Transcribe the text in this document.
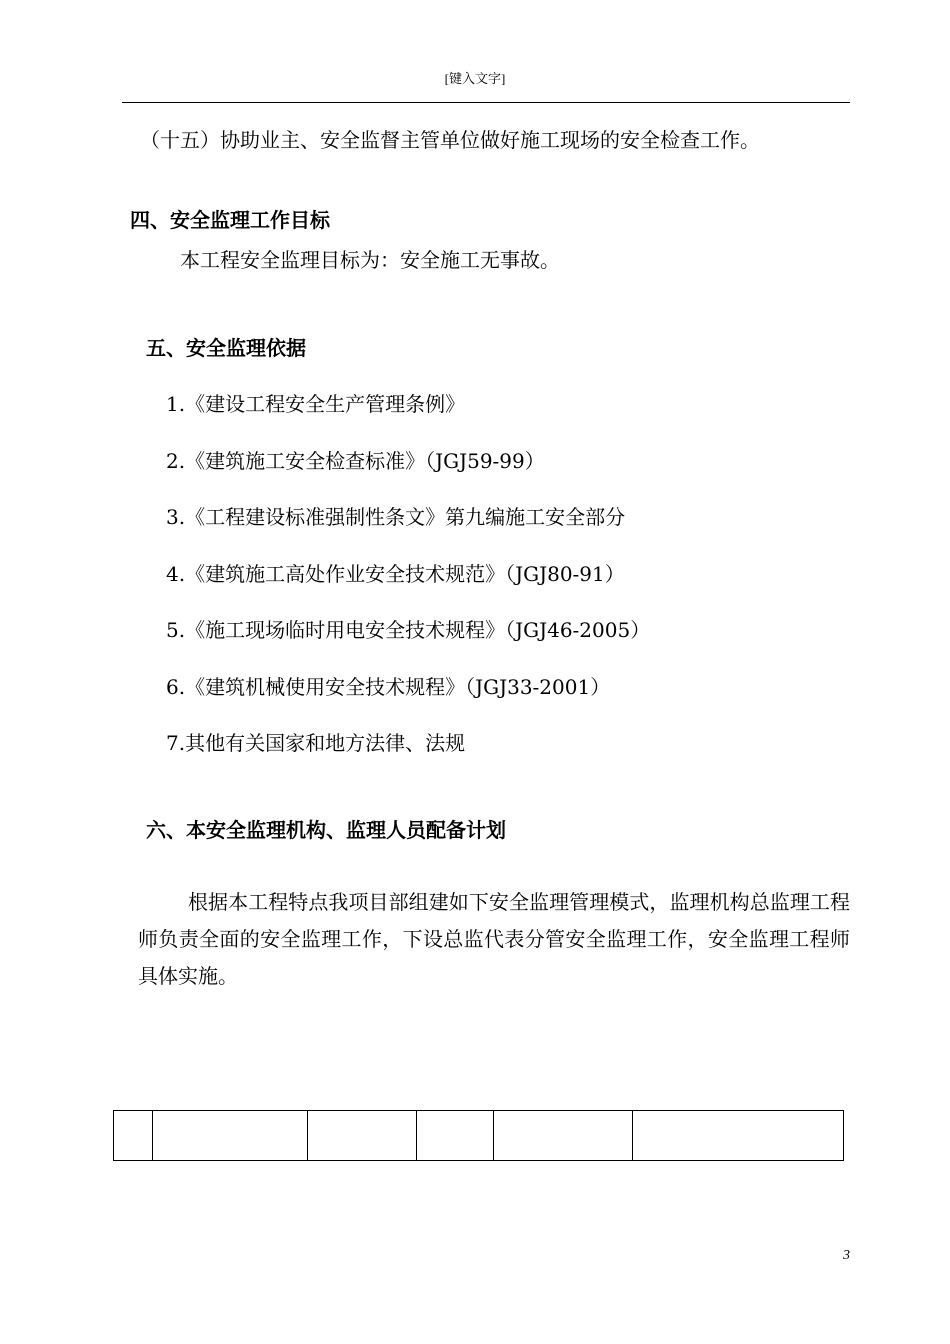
[键入文字]
（十五）协助业主、安全监督主管单位做好施工现场的安全检查工作。
四、安全监理工作目标
本工程安全监理目标为：安全施工无事故。
五、安全监理依据
1.《建设工程安全生产管理条例》
2.《建筑施工安全检查标准》（JGJ59-99）
3.《工程建设标准强制性条文》第九编施工安全部分
4.《建筑施工高处作业安全技术规范》（JGJ80-91）
5.《施工现场临时用电安全技术规程》（JGJ46-2005）
6.《建筑机械使用安全技术规程》（JGJ33-2001）
7.其他有关国家和地方法律、法规
六、本安全监理机构、监理人员配备计划
根据本工程特点我项目部组建如下安全监理管理模式，监理机构总监理工程师负责全面的安全监理工作，下设总监代表分管安全监理工作，安全监理工程师具体实施。

3
